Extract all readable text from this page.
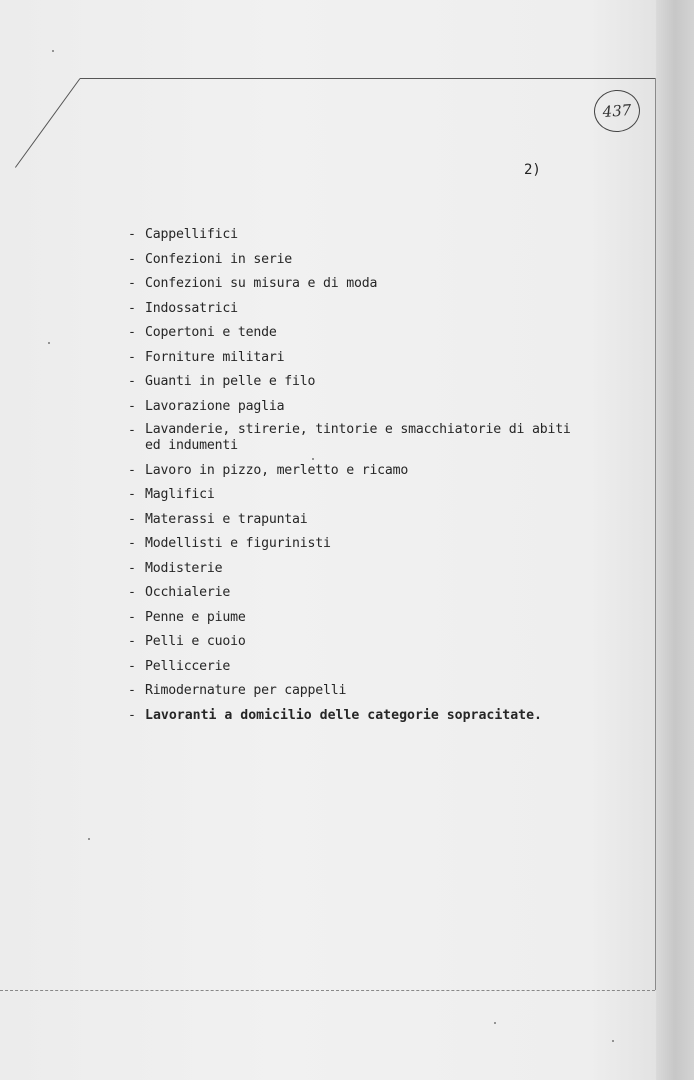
437
2)
- Cappellifici
- Confezioni in serie
- Confezioni su misura e di moda
- Indossatrici
- Copertoni e tende
- Forniture militari
- Guanti in pelle e filo
- Lavorazione paglia
- Lavanderie, stirerie, tintorie e smacchiatorie di abiti
ed indumenti
- Lavoro in pizzo, merletto e ricamo
- Maglifici
- Materassi e trapuntai
- Modellisti e figurinisti
- Modisterie
- Occhialerie
- Penne e piume
- Pelli e cuoio
- Pelliccerie
- Rimodernature per cappelli
- Lavoranti a domicilio delle categorie sopracitate.
